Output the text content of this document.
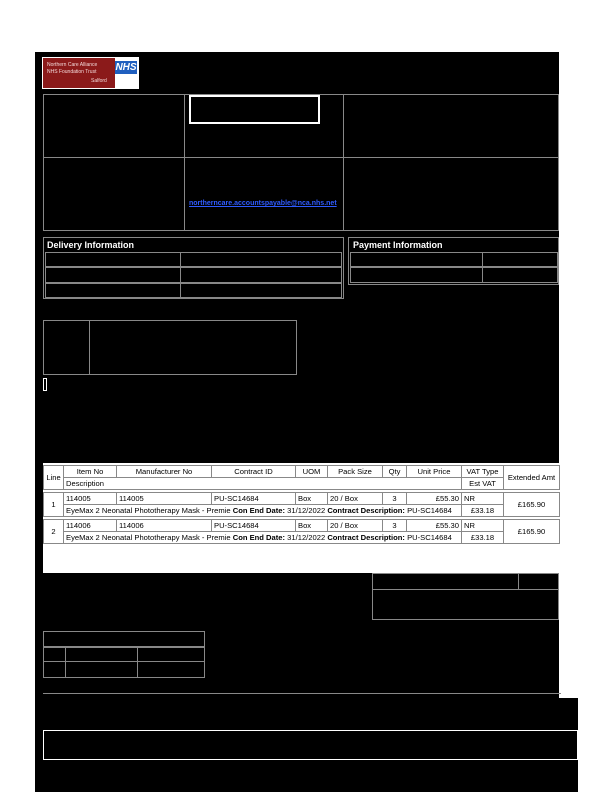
Northern Care Alliance
NHS Foundation Trust
Salford
NHS
northerncare.accountspayable@nca.nhs.net
Delivery Information	Payment Information
Line	Item No	Manufacturer No	Contract ID	UOM	Pack Size	Qty	Unit Price	VAT Type	Extended Amt
	Description							Est VAT	

1	114005	114005	PU-SC14684	Box	20 / Box	3	£55.30	NR	£165.90
	EyeMax 2 Neonatal Phototherapy Mask - Premie Con End Date: 31/12/2022 Contract Description: PU-SC14684							£33.18	

2	114006	114006	PU-SC14684	Box	20 / Box	3	£55.30	NR	£165.90
	EyeMax 2 Neonatal Phototherapy Mask - Premie Con End Date: 31/12/2022 Contract Description: PU-SC14684							£33.18	
